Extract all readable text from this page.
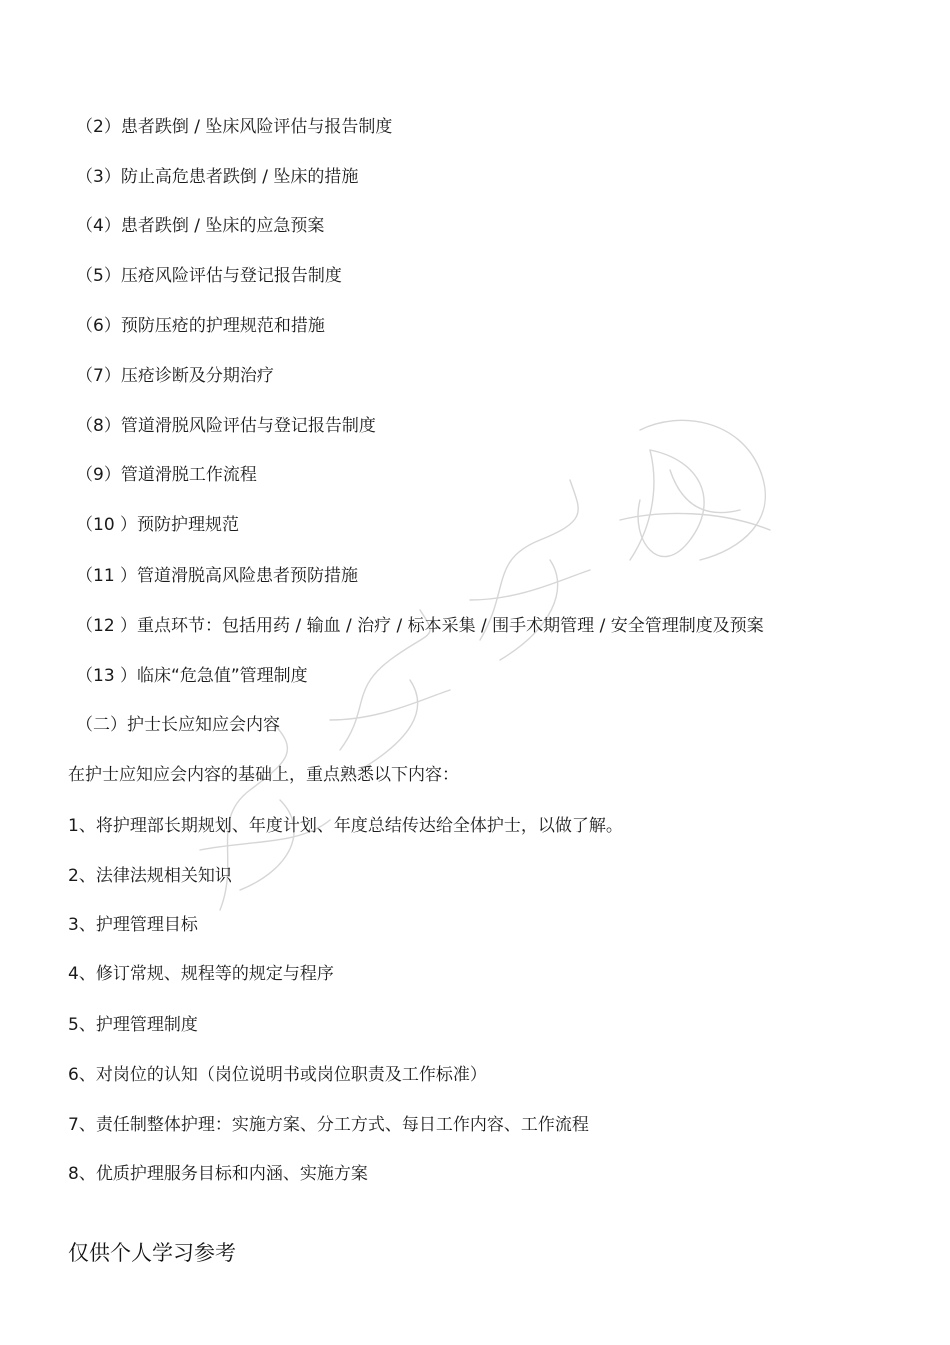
（2）患者跌倒 / 坠床风险评估与报告制度
（3）防止高危患者跌倒 / 坠床的措施
（4）患者跌倒 / 坠床的应急预案
（5）压疮风险评估与登记报告制度
（6）预防压疮的护理规范和措施
（7）压疮诊断及分期治疗
（8）管道滑脱风险评估与登记报告制度
（9）管道滑脱工作流程
（10 ）预防护理规范
（11 ）管道滑脱高风险患者预防措施
（12 ）重点环节：包括用药 / 输血 / 治疗 / 标本采集 / 围手术期管理 / 安全管理制度及预案
（13 ）临床“危急值”管理制度
（二）护士长应知应会内容
在护士应知应会内容的基础上，重点熟悉以下内容：
1、将护理部长期规划、年度计划、年度总结传达给全体护士，以做了解。
2、法律法规相关知识
3、护理管理目标
4、修订常规、规程等的规定与程序
5、护理管理制度
6、对岗位的认知（岗位说明书或岗位职责及工作标准）
7、责任制整体护理：实施方案、分工方式、每日工作内容、工作流程
8、优质护理服务目标和内涵、实施方案
仅供个人学习参考
